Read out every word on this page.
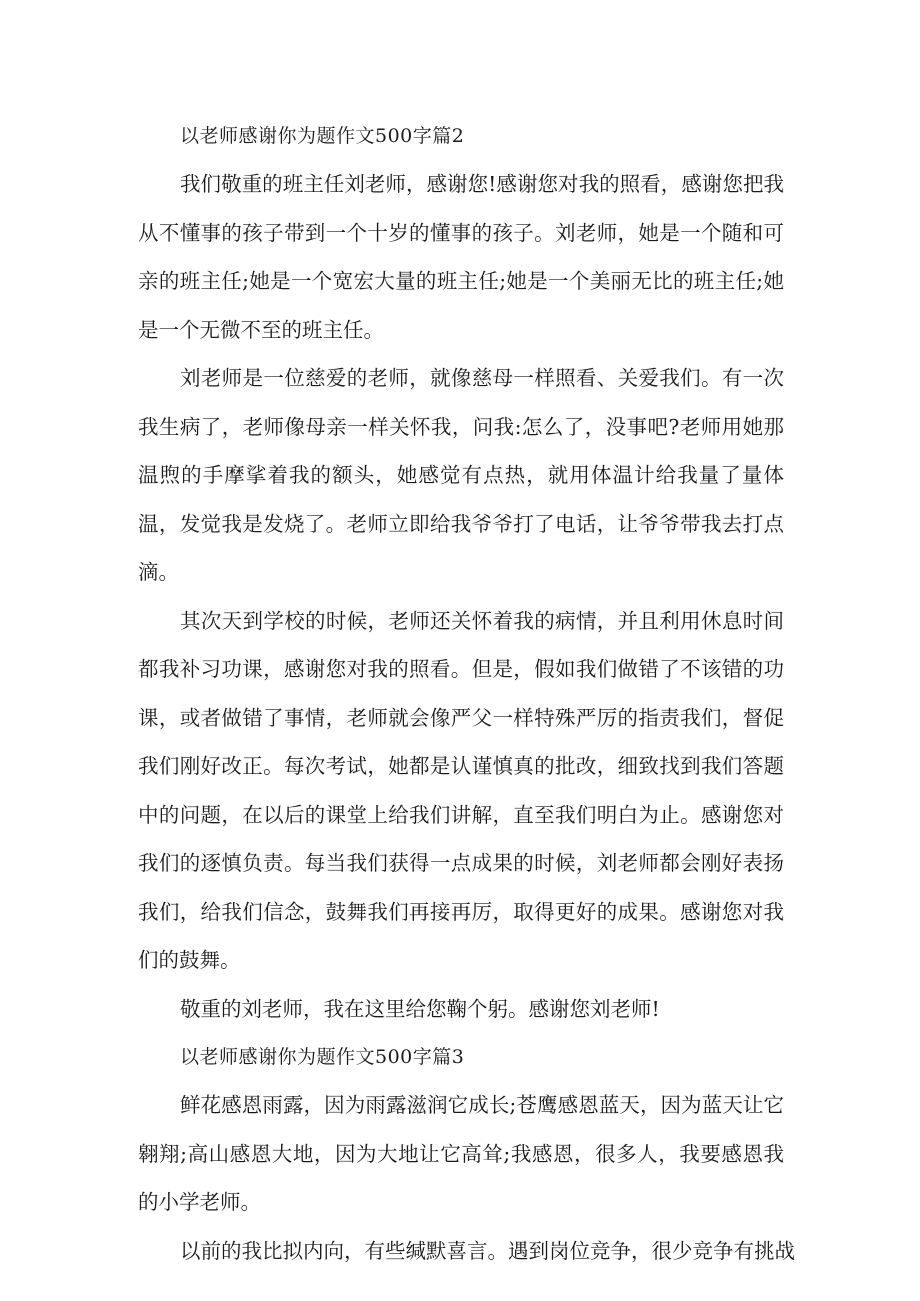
以老师感谢你为题作文500字篇2

我们敬重的班主任刘老师，感谢您!感谢您对我的照看，感谢您把我从不懂事的孩子带到一个十岁的懂事的孩子。刘老师，她是一个随和可亲的班主任;她是一个宽宏大量的班主任;她是一个美丽无比的班主任;她是一个无微不至的班主任。

刘老师是一位慈爱的老师，就像慈母一样照看、关爱我们。有一次我生病了，老师像母亲一样关怀我，问我:怎么了，没事吧?老师用她那温煦的手摩挲着我的额头，她感觉有点热，就用体温计给我量了量体温，发觉我是发烧了。老师立即给我爷爷打了电话，让爷爷带我去打点滴。

其次天到学校的时候，老师还关怀着我的病情，并且利用休息时间都我补习功课，感谢您对我的照看。但是，假如我们做错了不该错的功课，或者做错了事情，老师就会像严父一样特殊严厉的指责我们，督促我们刚好改正。每次考试，她都是认谨慎真的批改，细致找到我们答题中的问题，在以后的课堂上给我们讲解，直至我们明白为止。感谢您对我们的逐慎负责。每当我们获得一点成果的时候，刘老师都会刚好表扬我们，给我们信念，鼓舞我们再接再厉，取得更好的成果。感谢您对我们的鼓舞。

敬重的刘老师，我在这里给您鞠个躬。感谢您刘老师!

以老师感谢你为题作文500字篇3

鲜花感恩雨露，因为雨露滋润它成长;苍鹰感恩蓝天，因为蓝天让它翱翔;高山感恩大地，因为大地让它高耸;我感恩，很多人，我要感恩我的小学老师。

以前的我比拟内向，有些缄默喜言。遇到岗位竞争，很少竞争有挑战
